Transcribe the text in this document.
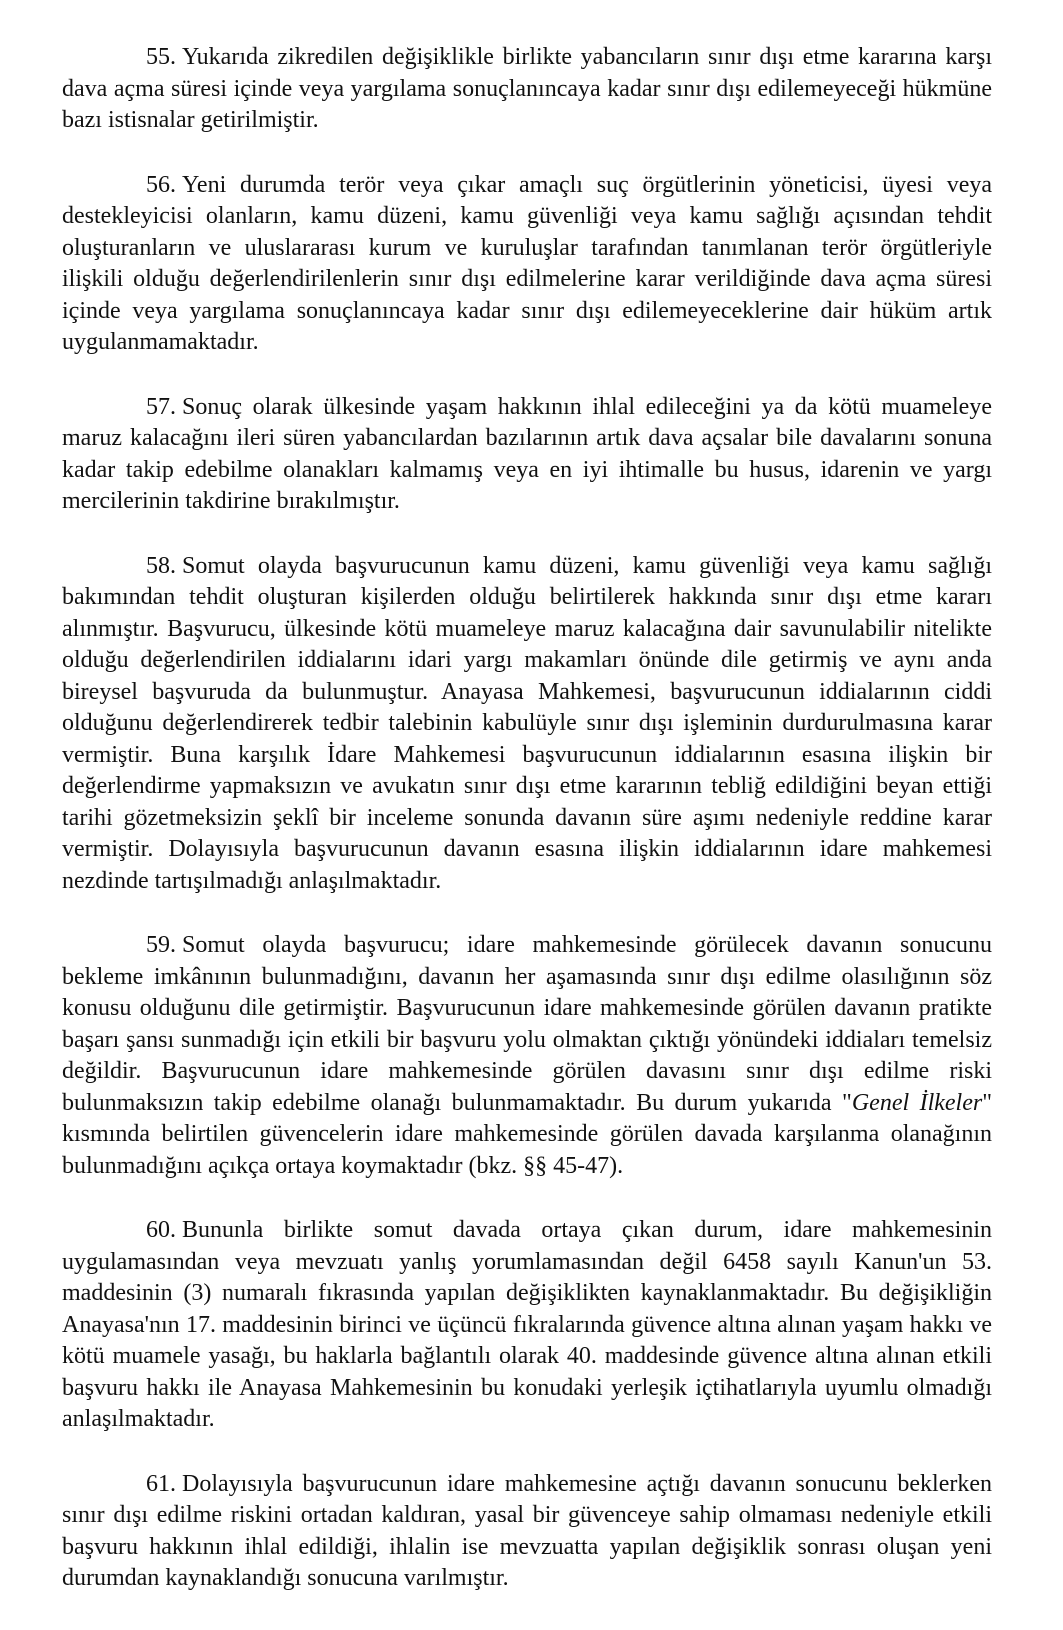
55. Yukarıda zikredilen değişiklikle birlikte yabancıların sınır dışı etme kararına karşı dava açma süresi içinde veya yargılama sonuçlanıncaya kadar sınır dışı edilemeyeceği hükmüne bazı istisnalar getirilmiştir.

56. Yeni durumda terör veya çıkar amaçlı suç örgütlerinin yöneticisi, üyesi veya destekleyicisi olanların, kamu düzeni, kamu güvenliği veya kamu sağlığı açısından tehdit oluşturanların ve uluslararası kurum ve kuruluşlar tarafından tanımlanan terör örgütleriyle ilişkili olduğu değerlendirilenlerin sınır dışı edilmelerine karar verildiğinde dava açma süresi içinde veya yargılama sonuçlanıncaya kadar sınır dışı edilemeyeceklerine dair hüküm artık uygulanmamaktadır.

57. Sonuç olarak ülkesinde yaşam hakkının ihlal edileceğini ya da kötü muameleye maruz kalacağını ileri süren yabancılardan bazılarının artık dava açsalar bile davalarını sonuna kadar takip edebilme olanakları kalmamış veya en iyi ihtimalle bu husus, idarenin ve yargı mercilerinin takdirine bırakılmıştır.

58. Somut olayda başvurucunun kamu düzeni, kamu güvenliği veya kamu sağlığı bakımından tehdit oluşturan kişilerden olduğu belirtilerek hakkında sınır dışı etme kararı alınmıştır. Başvurucu, ülkesinde kötü muameleye maruz kalacağına dair savunulabilir nitelikte olduğu değerlendirilen iddialarını idari yargı makamları önünde dile getirmiş ve aynı anda bireysel başvuruda da bulunmuştur. Anayasa Mahkemesi, başvurucunun iddialarının ciddi olduğunu değerlendirerek tedbir talebinin kabulüyle sınır dışı işleminin durdurulmasına karar vermiştir. Buna karşılık İdare Mahkemesi başvurucunun iddialarının esasına ilişkin bir değerlendirme yapmaksızın ve avukatın sınır dışı etme kararının tebliğ edildiğini beyan ettiği tarihi gözetmeksizin şeklî bir inceleme sonunda davanın süre aşımı nedeniyle reddine karar vermiştir. Dolayısıyla başvurucunun davanın esasına ilişkin iddialarının idare mahkemesi nezdinde tartışılmadığı anlaşılmaktadır.

59. Somut olayda başvurucu; idare mahkemesinde görülecek davanın sonucunu bekleme imkânının bulunmadığını, davanın her aşamasında sınır dışı edilme olasılığının söz konusu olduğunu dile getirmiştir. Başvurucunun idare mahkemesinde görülen davanın pratikte başarı şansı sunmadığı için etkili bir başvuru yolu olmaktan çıktığı yönündeki iddiaları temelsiz değildir. Başvurucunun idare mahkemesinde görülen davasını sınır dışı edilme riski bulunmaksızın takip edebilme olanağı bulunmamaktadır. Bu durum yukarıda "Genel İlkeler" kısmında belirtilen güvencelerin idare mahkemesinde görülen davada karşılanma olanağının bulunmadığını açıkça ortaya koymaktadır (bkz. §§ 45-47).

60. Bununla birlikte somut davada ortaya çıkan durum, idare mahkemesinin uygulamasından veya mevzuatı yanlış yorumlamasından değil 6458 sayılı Kanun'un 53. maddesinin (3) numaralı fıkrasında yapılan değişiklikten kaynaklanmaktadır. Bu değişikliğin Anayasa'nın 17. maddesinin birinci ve üçüncü fıkralarında güvence altına alınan yaşam hakkı ve kötü muamele yasağı, bu haklarla bağlantılı olarak 40. maddesinde güvence altına alınan etkili başvuru hakkı ile Anayasa Mahkemesinin bu konudaki yerleşik içtihatlarıyla uyumlu olmadığı anlaşılmaktadır.

61. Dolayısıyla başvurucunun idare mahkemesine açtığı davanın sonucunu beklerken sınır dışı edilme riskini ortadan kaldıran, yasal bir güvenceye sahip olmaması nedeniyle etkili başvuru hakkının ihlal edildiği, ihlalin ise mevzuatta yapılan değişiklik sonrası oluşan yeni durumdan kaynaklandığı sonucuna varılmıştır.
